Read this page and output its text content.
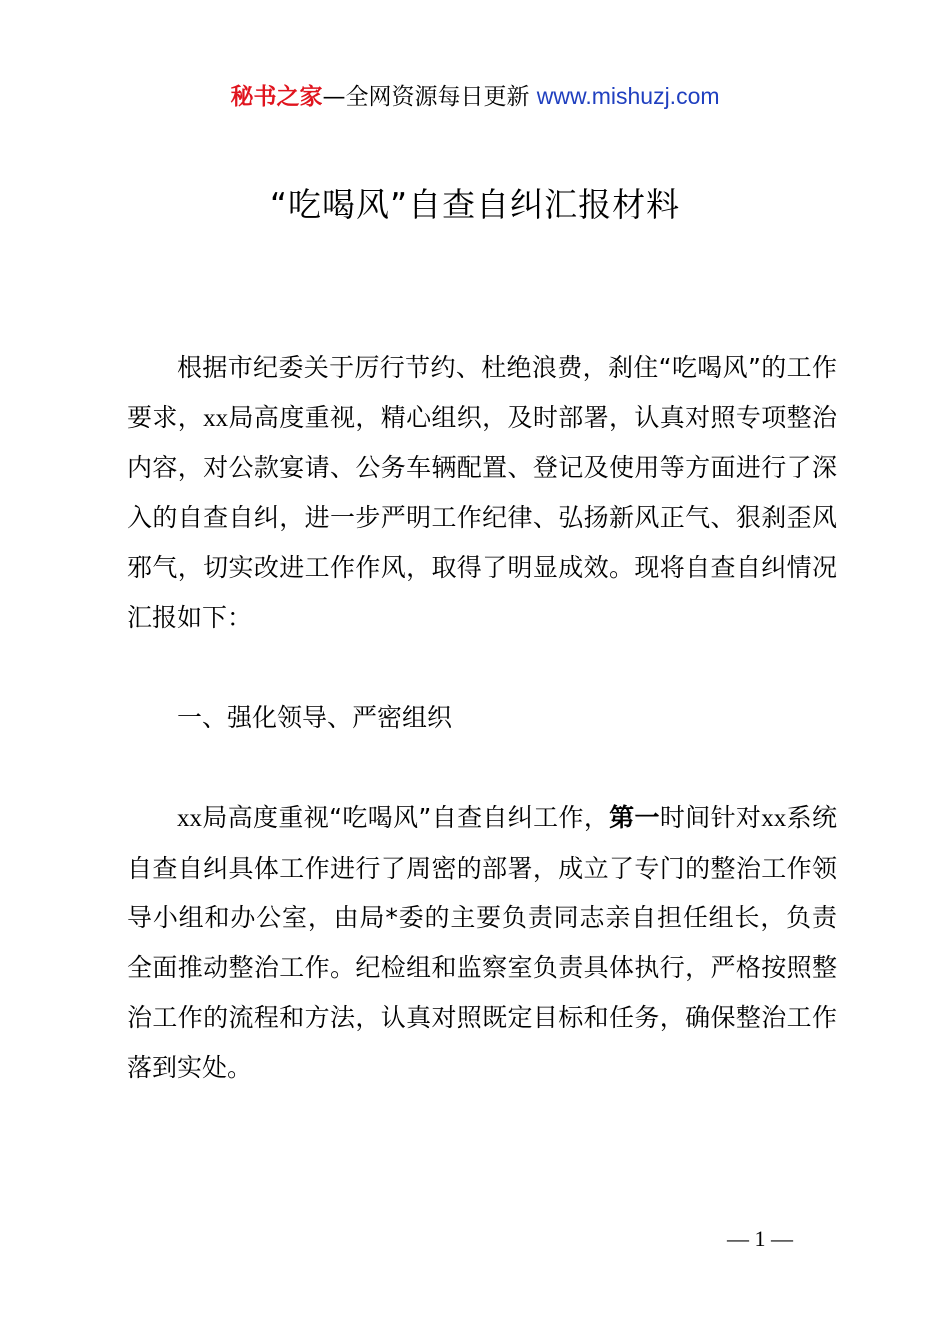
秘书之家—全网资源每日更新 www.mishuzj.com
“吃喝风”自查自纠汇报材料

根据市纪委关于厉行节约、杜绝浪费，刹住“吃喝风”的工作要求，xx局高度重视，精心组织，及时部署，认真对照专项整治内容，对公款宴请、公务车辆配置、登记及使用等方面进行了深入的自查自纠，进一步严明工作纪律、弘扬新风正气、狠刹歪风邪气，切实改进工作作风，取得了明显成效。现将自查自纠情况汇报如下：

一、强化领导、严密组织

xx局高度重视“吃喝风”自查自纠工作，第一时间针对xx系统自查自纠具体工作进行了周密的部署，成立了专门的整治工作领导小组和办公室，由局*委的主要负责同志亲自担任组长，负责全面推动整治工作。纪检组和监察室负责具体执行，严格按照整治工作的流程和方法，认真对照既定目标和任务，确保整治工作落到实处。

— 1 —
